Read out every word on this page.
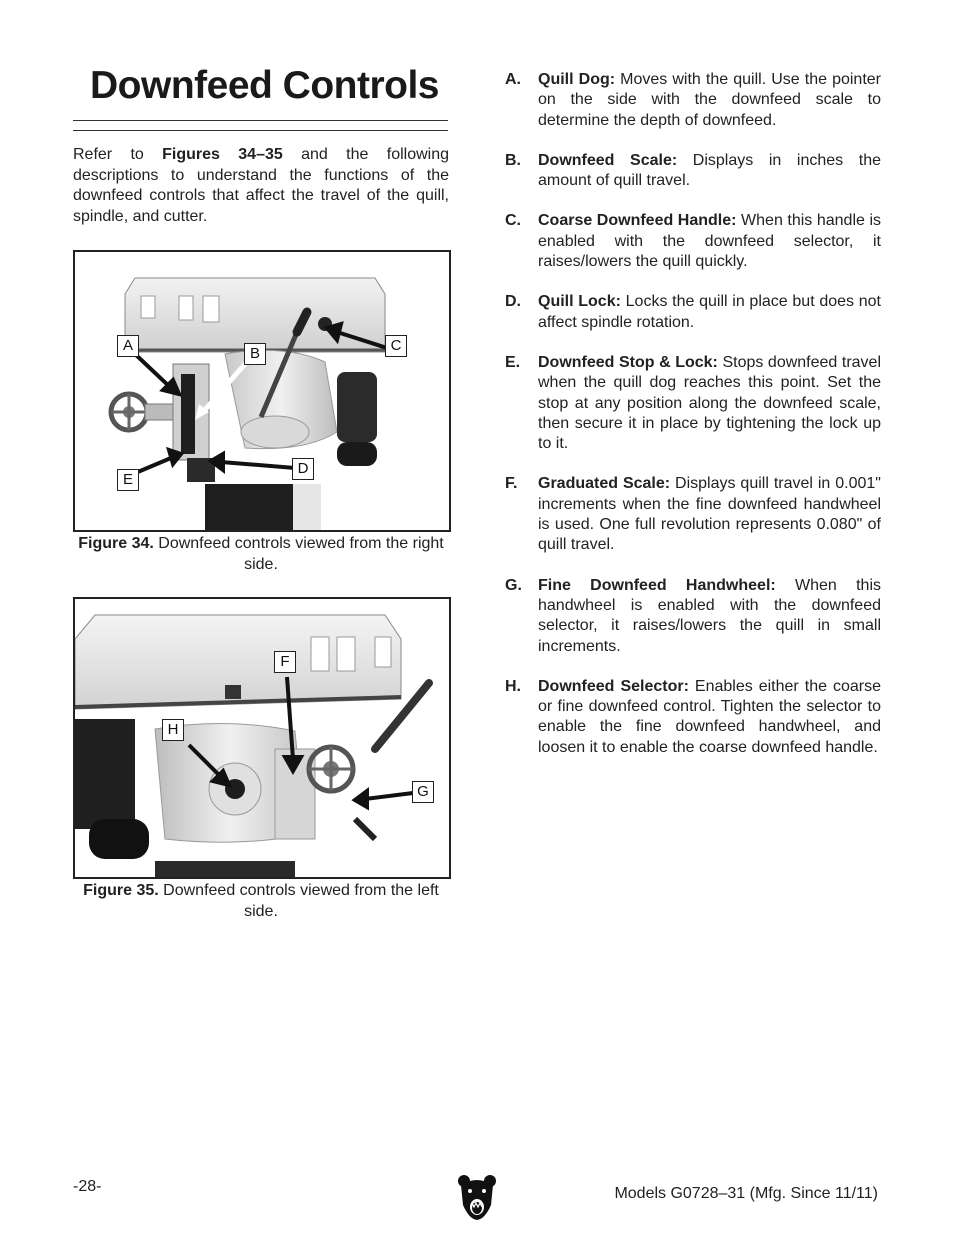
Downfeed Controls
Refer to Figures 34–35 and the following descriptions to understand the functions of the downfeed controls that affect the travel of the quill, spindle, and cutter.
A	B	C
D
E
Figure 34. Downfeed controls viewed from the right side.
F
H
G
Figure 35. Downfeed controls viewed from the left side.
A. Quill Dog: Moves with the quill. Use the pointer on the side with the downfeed scale to determine the depth of downfeed.
B. Downfeed Scale: Displays in inches the amount of quill travel.
C. Coarse Downfeed Handle: When this handle is enabled with the downfeed selector, it raises/lowers the quill quickly.
D. Quill Lock: Locks the quill in place but does not affect spindle rotation.
E. Downfeed Stop & Lock: Stops downfeed travel when the quill dog reaches this point. Set the stop at any position along the downfeed scale, then secure it in place by tightening the lock up to it.
F. Graduated Scale: Displays quill travel in 0.001" increments when the fine downfeed handwheel is used. One full revolution represents 0.080" of quill travel.
G. Fine Downfeed Handwheel: When this handwheel is enabled with the downfeed selector, it raises/lowers the quill in small increments.
H. Downfeed Selector: Enables either the coarse or fine downfeed control. Tighten the selector to enable the fine downfeed handwheel, and loosen it to enable the coarse downfeed handle.
-28-	Models G0728–31 (Mfg. Since 11/11)
